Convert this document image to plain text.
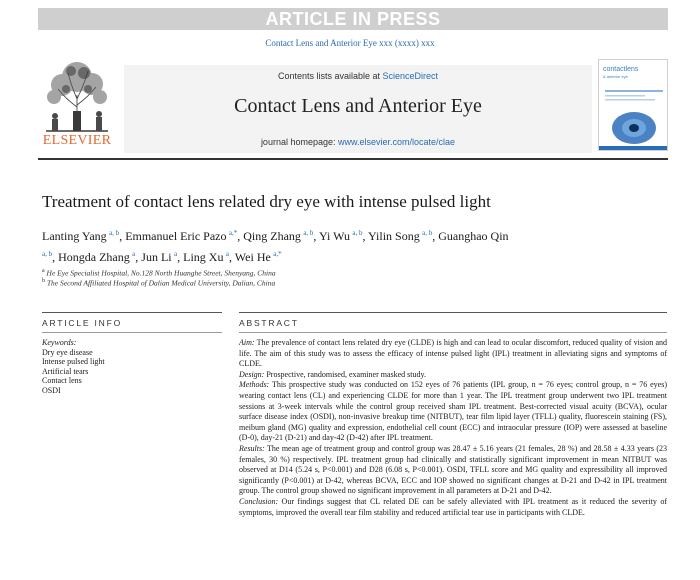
ARTICLE IN PRESS
Contact Lens and Anterior Eye xxx (xxxx) xxx
ELSEVIER
Contents lists available at ScienceDirect
Contact Lens and Anterior Eye
journal homepage: www.elsevier.com/locate/clae
contactlens
& anterior eye
Treatment of contact lens related dry eye with intense pulsed light
Lanting Yang  $^{a, b}$, Emmanuel Eric Pazo  $^{a,*}$, Qing Zhang  $^{a, b}$, Yi Wu  $^{a, b}$, Yilin Song  $^{a, b}$, Guanghao Qin $^{a, b}$, Hongda Zhang  $^a$, Jun Li  $^a$, Ling Xu  $^a$, Wei He  $^{a,*}$
$^a$ He Eye Specialist Hospital, No.128 North Huanghe Street, Shenyang, China
$^b$ The Second Affiliated Hospital of Dalian Medical University, Dalian, China
ARTICLE INFO	ABSTRACT
Keywords:
Dry eye disease
Intense pulsed light
Artificial tears
Contact lens
OSDI

Aim: The prevalence of contact lens related dry eye (CLDE) is high and can lead to ocular discomfort, reduced quality of vision and life. The aim of this study was to assess the efficacy of intense pulsed light (IPL) treatment in alleviating signs and symptoms of CLDE.

Design: Prospective, randomised, examiner masked study.

Methods: This prospective study was conducted on 152 eyes of 76 patients (IPL group, n = 76 eyes; control group, n = 76 eyes) wearing contact lens (CL) and experiencing CLDE for more than 1 year. The IPL treatment group underwent two IPL treatment sessions at 3-week intervals while the control group received sham IPL treatment. Best-corrected visual acuity (BCVA), ocular surface disease index (OSDI), non-invasive breakup time (NITBUT), tear film lipid layer (TFLL) quality, fluorescein staining (FS), meibum gland (MG) quality and expression, endothelial cell count (ECC) and intraocular pressure (IOP) were assessed at baseline (D-0), day-21 (D-21) and day-42 (D-42) after IPL treatment.

Results: The mean age of treatment group and control group was 28.47 ± 5.16 years (21 females, 28 %) and 28.58 ± 4.33 years (23 females, 30 %) respectively. IPL treatment group had clinically and statistically significant improvement in mean NITBUT was observed at D14 (5.24 s, P<0.001) and D28 (6.08 s, P<0.001). OSDI, TFLL score and MG quality and expressibility all improved significantly (P<0.001) at D-42, whereas BCVA, ECC and IOP showed no significant changes at D-21 and D-42 in IPL treatment group. The control group showed no significant improvement in all parameters at D-21 and D-42.

Conclusion: Our findings suggest that CL related DE can be safely alleviated with IPL treatment as it reduced the severity of symptoms, improved the overall tear film stability and reduced artificial tear use in participants with CLDE.
